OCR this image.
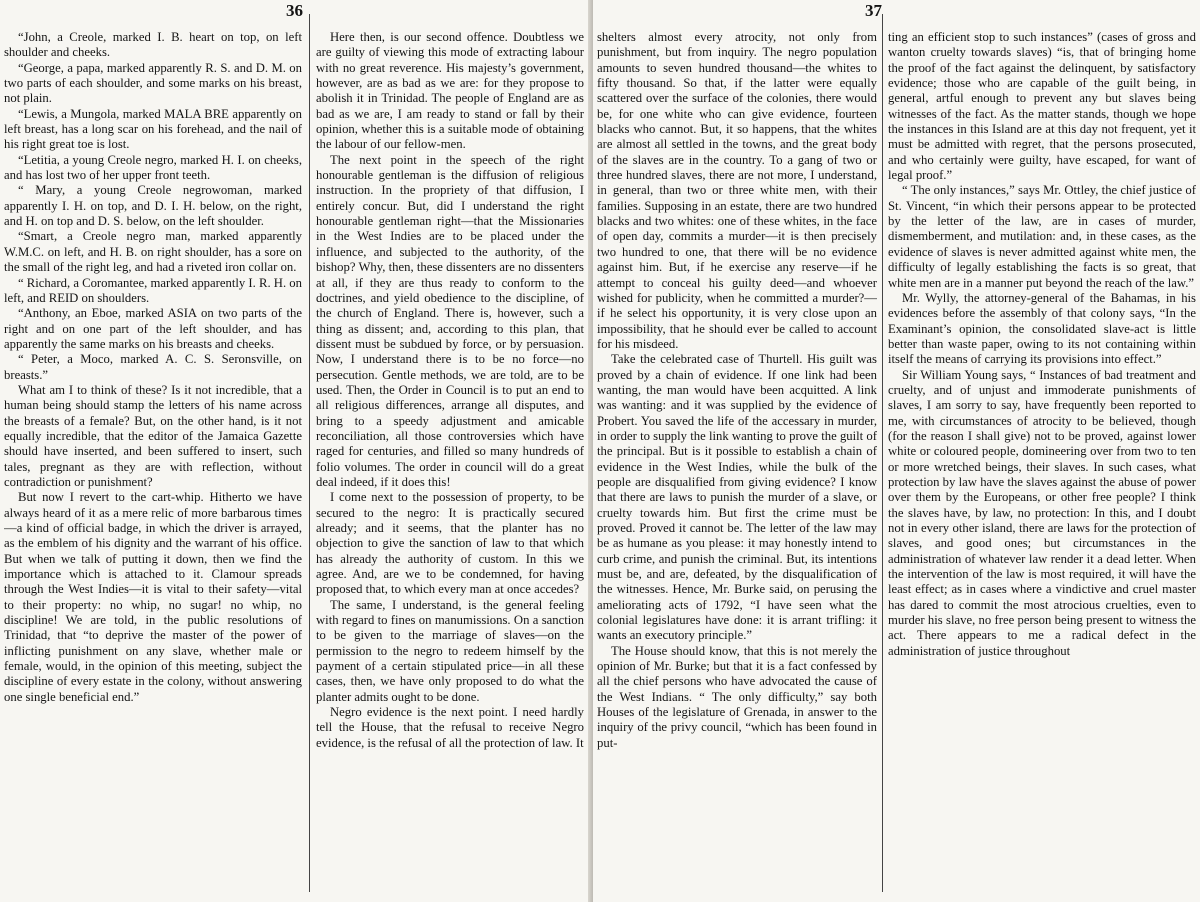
36

“John, a Creole, marked I. B. heart on top, on left shoulder and cheeks.

“George, a papa, marked apparently R. S. and D. M. on two parts of each shoulder, and some marks on his breast, not plain.

“Lewis, a Mungola, marked MALA BRE apparently on left breast, has a long scar on his forehead, and the nail of his right great toe is lost.

“Letitia, a young Creole negro, marked H. I. on cheeks, and has lost two of her upper front teeth.

“ Mary, a young Creole negrowoman, marked apparently I. H. on top, and D. I. H. below, on the right, and H. on top and D. S. below, on the left shoulder.

“Smart, a Creole negro man, marked apparently W.M.C. on left, and H. B. on right shoulder, has a sore on the small of the right leg, and had a riveted iron collar on.

“ Richard, a Coromantee, marked apparently I. R. H. on left, and REID on shoulders.

“Anthony, an Eboe, marked ASIA on two parts of the right and on one part of the left shoulder, and has apparently the same marks on his breasts and cheeks.

“ Peter, a Moco, marked A. C. S. Seronsville, on breasts.”

What am I to think of these? Is it not incredible, that a human being should stamp the letters of his name across the breasts of a female? But, on the other hand, is it not equally incredible, that the editor of the Jamaica Gazette should have inserted, and been suffered to insert, such tales, pregnant as they are with reflection, without contradiction or punishment?

But now I revert to the cart-whip. Hitherto we have always heard of it as a mere relic of more barbarous times—a kind of official badge, in which the driver is arrayed, as the emblem of his dignity and the warrant of his office. But when we talk of putting it down, then we find the importance which is attached to it. Clamour spreads through the West Indies—it is vital to their safety—vital to their property: no whip, no sugar! no whip, no discipline! We are told, in the public resolutions of Trinidad, that “to deprive the master of the power of inflicting punishment on any slave, whether male or female, would, in the opinion of this meeting, subject the discipline of every estate in the colony, without answering one single beneficial end.”

Here then, is our second offence. Doubtless we are guilty of viewing this mode of extracting labour with no great reverence. His majesty’s government, however, are as bad as we are: for they propose to abolish it in Trinidad. The people of England are as bad as we are, I am ready to stand or fall by their opinion, whether this is a suitable mode of obtaining the labour of our fellow-men.

The next point in the speech of the right honourable gentleman is the diffusion of religious instruction. In the propriety of that diffusion, I entirely concur. But, did I understand the right honourable gentleman right—that the Missionaries in the West Indies are to be placed under the influence, and subjected to the authority, of the bishop? Why, then, these dissenters are no dissenters at all, if they are thus ready to conform to the doctrines, and yield obedience to the discipline, of the church of England. There is, however, such a thing as dissent; and, according to this plan, that dissent must be subdued by force, or by persuasion. Now, I understand there is to be no force—no persecution. Gentle methods, we are told, are to be used. Then, the Order in Council is to put an end to all religious differences, arrange all disputes, and bring to a speedy adjustment and amicable reconciliation, all those controversies which have raged for centuries, and filled so many hundreds of folio volumes. The order in council will do a great deal indeed, if it does this!

I come next to the possession of property, to be secured to the negro: It is practically secured already; and it seems, that the planter has no objection to give the sanction of law to that which has already the authority of custom. In this we agree. And, are we to be condemned, for having proposed that, to which every man at once accedes?

The same, I understand, is the general feeling with regard to fines on manumissions. On a sanction to be given to the marriage of slaves—on the permission to the negro to redeem himself by the payment of a certain stipulated price—in all these cases, then, we have only proposed to do what the planter admits ought to be done.

Negro evidence is the next point. I need hardly tell the House, that the refusal to receive Negro evidence, is the refusal of all the protection of law. It

37

shelters almost every atrocity, not only from punishment, but from inquiry. The negro population amounts to seven hundred thousand—the whites to fifty thousand. So that, if the latter were equally scattered over the surface of the colonies, there would be, for one white who can give evidence, fourteen blacks who cannot. But, it so happens, that the whites are almost all settled in the towns, and the great body of the slaves are in the country. To a gang of two or three hundred slaves, there are not more, I understand, in general, than two or three white men, with their families. Supposing in an estate, there are two hundred blacks and two whites: one of these whites, in the face of open day, commits a murder—it is then precisely two hundred to one, that there will be no evidence against him. But, if he exercise any reserve—if he attempt to conceal his guilty deed—and whoever wished for publicity, when he committed a murder?—if he select his opportunity, it is very close upon an impossibility, that he should ever be called to account for his misdeed.

Take the celebrated case of Thurtell. His guilt was proved by a chain of evidence. If one link had been wanting, the man would have been acquitted. A link was wanting: and it was supplied by the evidence of Probert. You saved the life of the accessary in murder, in order to supply the link wanting to prove the guilt of the principal. But is it possible to establish a chain of evidence in the West Indies, while the bulk of the people are disqualified from giving evidence? I know that there are laws to punish the murder of a slave, or cruelty towards him. But first the crime must be proved. Proved it cannot be. The letter of the law may be as humane as you please: it may honestly intend to curb crime, and punish the criminal. But, its intentions must be, and are, defeated, by the disqualification of the witnesses. Hence, Mr. Burke said, on perusing the ameliorating acts of 1792, “I have seen what the colonial legislatures have done: it is arrant trifling: it wants an executory principle.”

The House should know, that this is not merely the opinion of Mr. Burke; but that it is a fact confessed by all the chief persons who have advocated the cause of the West Indians. “ The only difficulty,” say both Houses of the legislature of Grenada, in answer to the inquiry of the privy council, “which has been found in put-

ting an efficient stop to such instances” (cases of gross and wanton cruelty towards slaves) “is, that of bringing home the proof of the fact against the delinquent, by satisfactory evidence; those who are capable of the guilt being, in general, artful enough to prevent any but slaves being witnesses of the fact. As the matter stands, though we hope the instances in this Island are at this day not frequent, yet it must be admitted with regret, that the persons prosecuted, and who certainly were guilty, have escaped, for want of legal proof.”

“ The only instances,” says Mr. Ottley, the chief justice of St. Vincent, “in which their persons appear to be protected by the letter of the law, are in cases of murder, dismemberment, and mutilation: and, in these cases, as the evidence of slaves is never admitted against white men, the difficulty of legally establishing the facts is so great, that white men are in a manner put beyond the reach of the law.”

Mr. Wylly, the attorney-general of the Bahamas, in his evidences before the assembly of that colony says, “In the Examinant’s opinion, the consolidated slave-act is little better than waste paper, owing to its not containing within itself the means of carrying its provisions into effect.”

Sir William Young says, “ Instances of bad treatment and cruelty, and of unjust and immoderate punishments of slaves, I am sorry to say, have frequently been reported to me, with circumstances of atrocity to be believed, though (for the reason I shall give) not to be proved, against lower white or coloured people, domineering over from two to ten or more wretched beings, their slaves. In such cases, what protection by law have the slaves against the abuse of power over them by the Europeans, or other free people? I think the slaves have, by law, no protection: In this, and I doubt not in every other island, there are laws for the protection of slaves, and good ones; but circumstances in the administration of whatever law render it a dead letter. When the intervention of the law is most required, it will have the least effect; as in cases where a vindictive and cruel master has dared to commit the most atrocious cruelties, even to murder his slave, no free person being present to witness the act. There appears to me a radical defect in the administration of justice throughout
